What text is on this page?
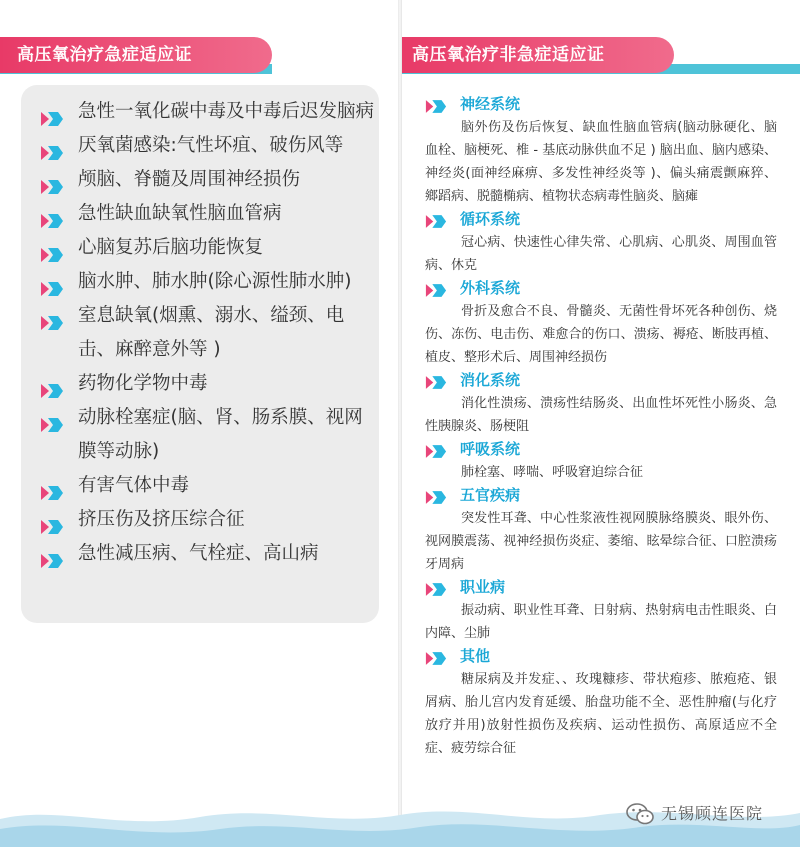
高压氧治疗急症适应证	高压氧治疗非急症适应证
急性一氧化碳中毒及中毒后迟发脑病
厌氧菌感染:气性坏疽、破伤风等
颅脑、脊髓及周围神经损伤
急性缺血缺氧性脑血管病
心脑复苏后脑功能恢复
脑水肿、肺水肿(除心源性肺水肿)
室息缺氧(烟熏、溺水、缢颈、电击、麻醉意外等 )
药物化学物中毒
动脉栓塞症(脑、肾、肠系膜、视网膜等动脉)
有害气体中毒
挤压伤及挤压综合征
急性减压病、气栓症、高山病
神经系统
脑外伤及伤后恢复、缺血性脑血管病(脑动脉硬化、脑血栓、脑梗死、椎 - 基底动脉供血不足 ) 脑出血、脑内感染、神经炎(面神经麻痹、多发性神经炎等 )、偏头痛震颤麻猝、鄉蹈病、脱髓椭病、植物状态病毒性脑炎、脑瘫
循环系统
冠心病、快速性心律失常、心肌病、心肌炎、周围血管病、休克
外科系统
骨折及愈合不良、骨髓炎、无菌性骨坏死各种创伤、烧伤、冻伤、电击伤、难愈合的伤口、溃疡、褥疮、断肢再植、植皮、整形术后、周围神经损伤
消化系统
消化性溃疡、溃疡性结肠炎、出血性坏死性小肠炎、急性胰腺炎、肠梗阻
呼吸系统
肺栓塞、哮喘、呼吸窘迫综合征
五官疾病
突发性耳聋、中心性浆液性视网膜脉络膜炎、眼外伤、视网膜震荡、视神经损伤炎症、萎缩、眩晕综合征、口腔溃疡牙周病
职业病
振动病、职业性耳聋、日射病、热射病电击性眼炎、白内障、尘肺
其他
糖尿病及并发症、、玫瑰糠疹、带状疱疹、脓疱疮、银屑病、胎儿宫内发育延缓、胎盘功能不全、恶性肿瘤(与化疗放疗并用)放射性损伤及疾病、运动性损伤、高原适应不全症、疲劳综合征
无锡顾连医院
